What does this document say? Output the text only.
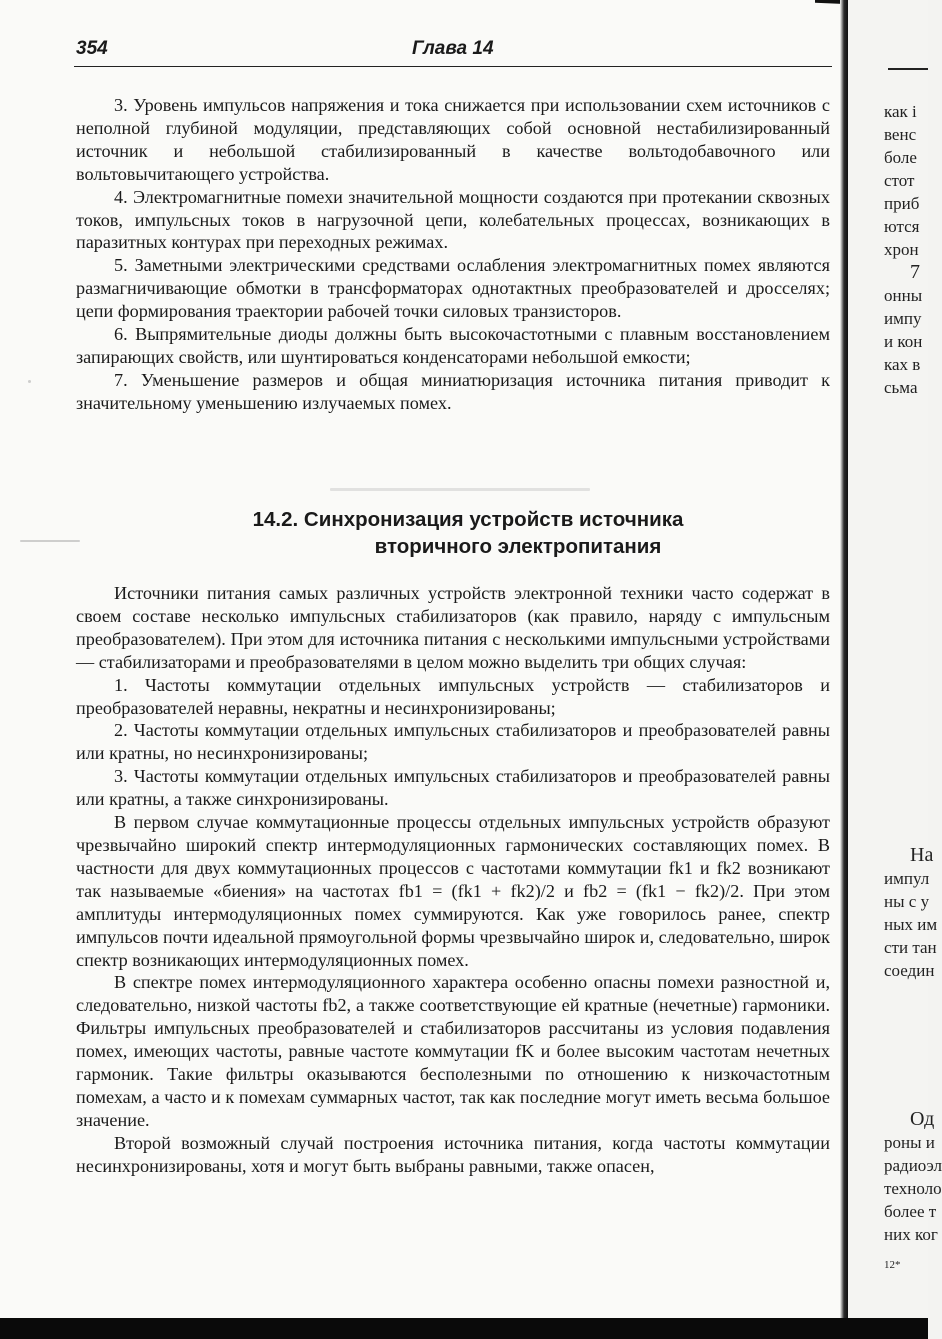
354	Глава 14

3. Уровень импульсов напряжения и тока снижается при использовании схем источников с неполной глубиной модуляции, представляющих собой основной нестабилизированный источник и небольшой стабилизированный в качестве вольтодобавочного или вольтовычитающего устройства.

4. Электромагнитные помехи значительной мощности создаются при протекании сквозных токов, импульсных токов в нагрузочной цепи, колебательных процессах, возникающих в паразитных контурах при переходных режимах.

5. Заметными электрическими средствами ослабления электромагнитных помех являются размагничивающие обмотки в трансформаторах однотактных преобразователей и дросселях; цепи формирования траектории рабочей точки силовых транзисторов.

6. Выпрямительные диоды должны быть высокочастотными с плавным восстановлением запирающих свойств, или шунтироваться конденсаторами небольшой емкости;

7. Уменьшение размеров и общая миниатюризация источника питания приводит к значительному уменьшению излучаемых помех.

14.2. Синхронизация устройств источника
вторичного электропитания

Источники питания самых различных устройств электронной техники часто содержат в своем составе несколько импульсных стабилизаторов (как правило, наряду с импульсным преобразователем). При этом для источника питания с несколькими импульсными устройствами — стабилизаторами и преобразователями в целом можно выделить три общих случая:

1. Частоты коммутации отдельных импульсных устройств — стабилизаторов и преобразователей неравны, некратны и несинхронизированы;

2. Частоты коммутации отдельных импульсных стабилизаторов и преобразователей равны или кратны, но несинхронизированы;

3. Частоты коммутации отдельных импульсных стабилизаторов и преобразователей равны или кратны, а также синхронизированы.

В первом случае коммутационные процессы отдельных импульсных устройств образуют чрезвычайно широкий спектр интермодуляционных гармонических составляющих помех. В частности для двух коммутационных процессов с частотами коммутации fk1 и fk2 возникают так называемые «биения» на частотах fb1 = (fk1 + fk2)/2 и fb2 = (fk1 − fk2)/2. При этом амплитуды интермодуляционных помех суммируются. Как уже говорилось ранее, спектр импульсов почти идеальной прямоугольной формы чрезвычайно широк и, следовательно, широк спектр возникающих интермодуляционных помех.

В спектре помех интермодуляционного характера особенно опасны помехи разностной и, следовательно, низкой частоты fb2, а также соответствующие ей кратные (нечетные) гармоники. Фильтры импульсных преобразователей и стабилизаторов рассчитаны из условия подавления помех, имеющих частоты, равные частоте коммутации fK и более высоким частотам нечетных гармоник. Такие фильтры оказываются бесполезными по отношению к низкочастотным помехам, а часто и к помехам суммарных частот, так как последние могут иметь весьма большое значение.

Второй возможный случай построения источника питания, когда частоты коммутации несинхронизированы, хотя и могут быть выбраны равными, также опасен,

как і
венс
боле
стот
приб
ются
хрон
7
онны
импу
и кон
ках в
сьма
На
импул
ны с у
ных им
сти тан
соедин
Од
роны и
радиоэл
техноло
более т
них ког
12*
